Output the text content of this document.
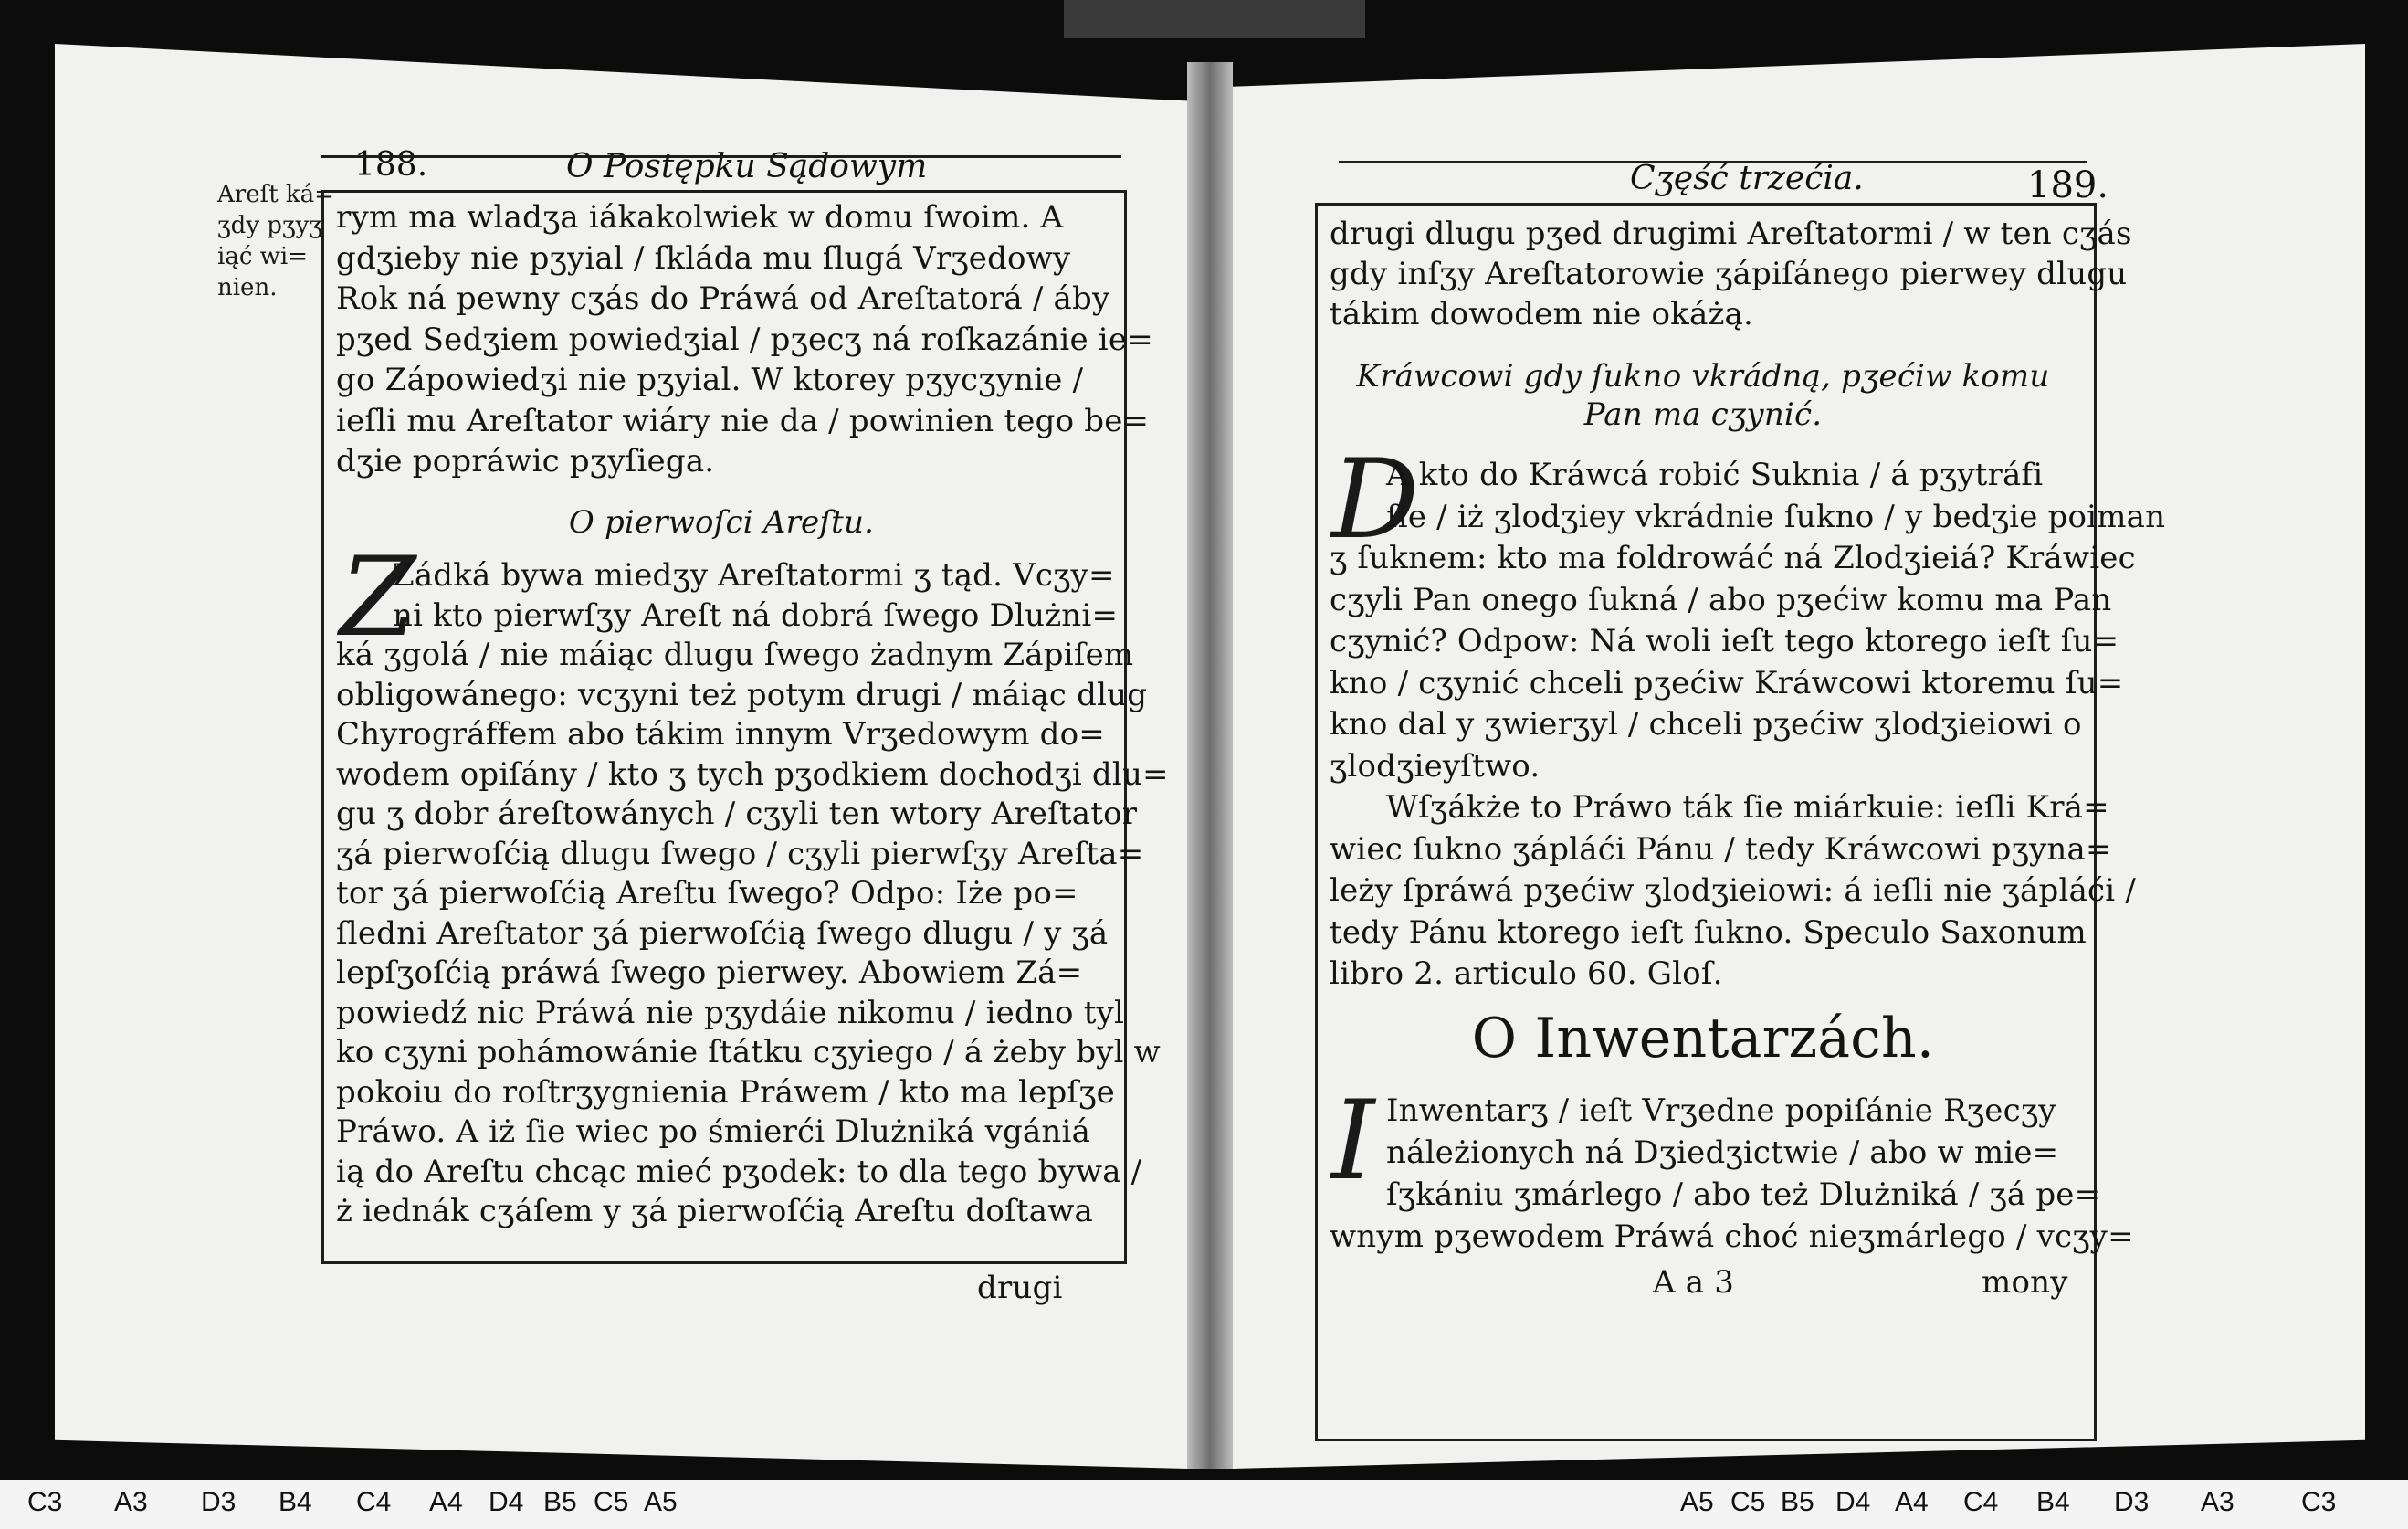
Areſt ká=
ʒdy pʒyʒ
iąć wi=
nien.
188.	O Postępku Sądowym
rym ma wladʒa iákakolwiek w domu ſwoim. A
gdʒieby nie pʒyial / ſkláda mu ſlugá Vrʒedowy
Rok ná pewny cʒás do Práwá od Areſtatorá / áby
pʒed Sedʒiem powiedʒial / pʒecʒ ná roſkazánie ie=
go Zápowiedʒi nie pʒyial. W ktorey pʒycʒynie /
ieſli mu Areſtator wiáry nie da / powinien tego be=
dʒie popráwic pʒyſiega.
O pierwoſci Areſtu.
Z
Zádká bywa miedʒy Areſtatormi ʒ tąd. Vcʒy=
ni kto pierwſʒy Areſt ná dobrá ſwego Dlużni=
ká ʒgolá / nie máiąc dlugu ſwego żadnym Zápiſem
obligowánego: vcʒyni też potym drugi / máiąc dlug
Chyrográffem abo tákim innym Vrʒedowym do=
wodem opiſány / kto ʒ tych pʒodkiem dochodʒi dlu=
gu ʒ dobr áreſtowánych / cʒyli ten wtory Areſtator
ʒá pierwoſćią dlugu ſwego / cʒyli pierwſʒy Areſta=
tor ʒá pierwoſćią Areſtu ſwego? Odpo: Iże po=
ſledni Areſtator ʒá pierwoſćią ſwego dlugu / y ʒá
lepſʒoſćią práwá ſwego pierwey. Abowiem Zá=
powiedź nic Práwá nie pʒydáie nikomu / iedno tyl
ko cʒyni pohámowánie ſtátku cʒyiego / á żeby byl w
pokoiu do roſtrʒygnienia Práwem / kto ma lepſʒe
Práwo. A iż ſie wiec po śmierći Dlużniká vgániá
ią do Areſtu chcąc mieć pʒodek: to dla tego bywa /
ż iednák cʒáſem y ʒá pierwoſćią Areſtu doſtawa
drugi
Cʒęść trzećia.	189.
drugi dlugu pʒed drugimi Areſtatormi / w ten cʒás
gdy inſʒy Areſtatorowie ʒápiſánego pierwey dlugu
tákim dowodem nie okáżą.
Kráwcowi gdy ſukno vkrádną, pʒećiw komu
Pan ma cʒynić.
D
A kto do Kráwcá robić Suknia / á pʒytráfi
ſie / iż ʒlodʒiey vkrádnie ſukno / y bedʒie poiman
ʒ ſuknem: kto ma foldrowáć ná Zlodʒieiá? Kráwiec
cʒyli Pan onego ſukná / abo pʒećiw komu ma Pan
cʒynić? Odpow: Ná woli ieſt tego ktorego ieſt ſu=
kno / cʒynić chceli pʒećiw Kráwcowi ktoremu ſu=
kno dal y ʒwierʒyl / chceli pʒećiw ʒlodʒieiowi o
ʒlodʒieyſtwo.
Wſʒákże to Práwo ták ſie miárkuie: ieſli Krá=
wiec ſukno ʒápláći Pánu / tedy Kráwcowi pʒyna=
leży ſpráwá pʒećiw ʒlodʒieiowi: á ieſli nie ʒápláći /
tedy Pánu ktorego ieſt ſukno. Speculo Saxonum
libro 2. articulo 60. Gloſ.
O Inwentarzách.
I Inwentarʒ / ieſt Vrʒedne popiſánie Rʒecʒy
náleżionych ná Dʒiedʒictwie / abo w mie=
ſʒkániu ʒmárlego / abo też Dlużniká / ʒá pe=
wnym pʒewodem Práwá choć nieʒmárlego / vcʒy=
A a 3	mony
C3 A3 D3 B4 C4 A4 D4 B5 C5 A5	A5 C5 B5 D4 A4 C4 B4 D3 A3 C3
